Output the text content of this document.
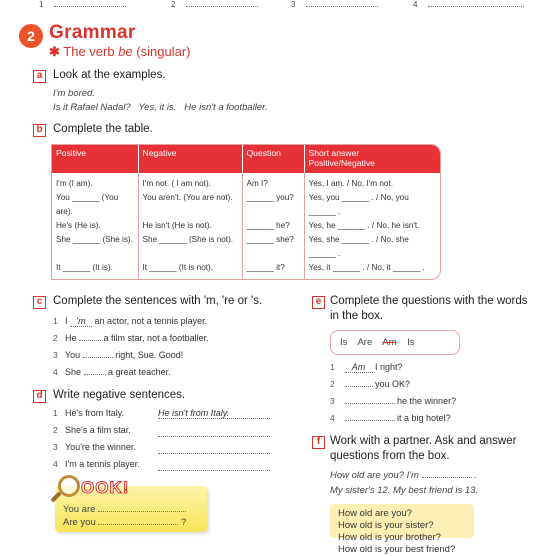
1	2	3	4
2 Grammar
✱ The verb be (singular)
a Look at the examples.
I'm bored.
Is it Rafael Nadal?   Yes, it is.   He isn't a footballer.
b Complete the table.
Positive	Negative	Question	Short answer
Positive/Negative

I'm (I am).	I'm not. ( I am not).	Am I?	Yes, I am. / No, I'm not.
You ______ (You are).	You aren't. (You are not).	______ you?	Yes, you ______ . / No, you ______ .
He's (He is).	He isn't (He is not).	______ he?	Yes, he ______ . / No, he isn't.
She ______ (She is).	She ______ (She is not).	______ she?	Yes, she ______ . / No, she ______ .
It ______ (It is).	It ______ (It is not).	______ it?	Yes, it ______ . / No, it ______ .
c Complete the sentences with 'm, 're or 's.
1 I 'm an actor, not a tennis player.
2 He	a film star, not a footballer.
3 You	right, Sue. Good!
4 She	a great teacher.
d Write negative sentences.
1 He's from Italy.	He isn't from Italy.
2 She's a film star.
3 You're the winner.
4 I'm a tennis player.
OOK!
You are
Are you	?
e Complete the questions with the words
in the box.
Is Are Am Is
1 Am I right?
2	you OK?
3	he the winner?
4	it a big hotel?
f Work with a partner. Ask and answer
questions from the box.
How old are you? I'm	.
My sister's 12. My best friend is 13.
How old are you?
How old is your sister?
How old is your brother?
How old is your best friend?
